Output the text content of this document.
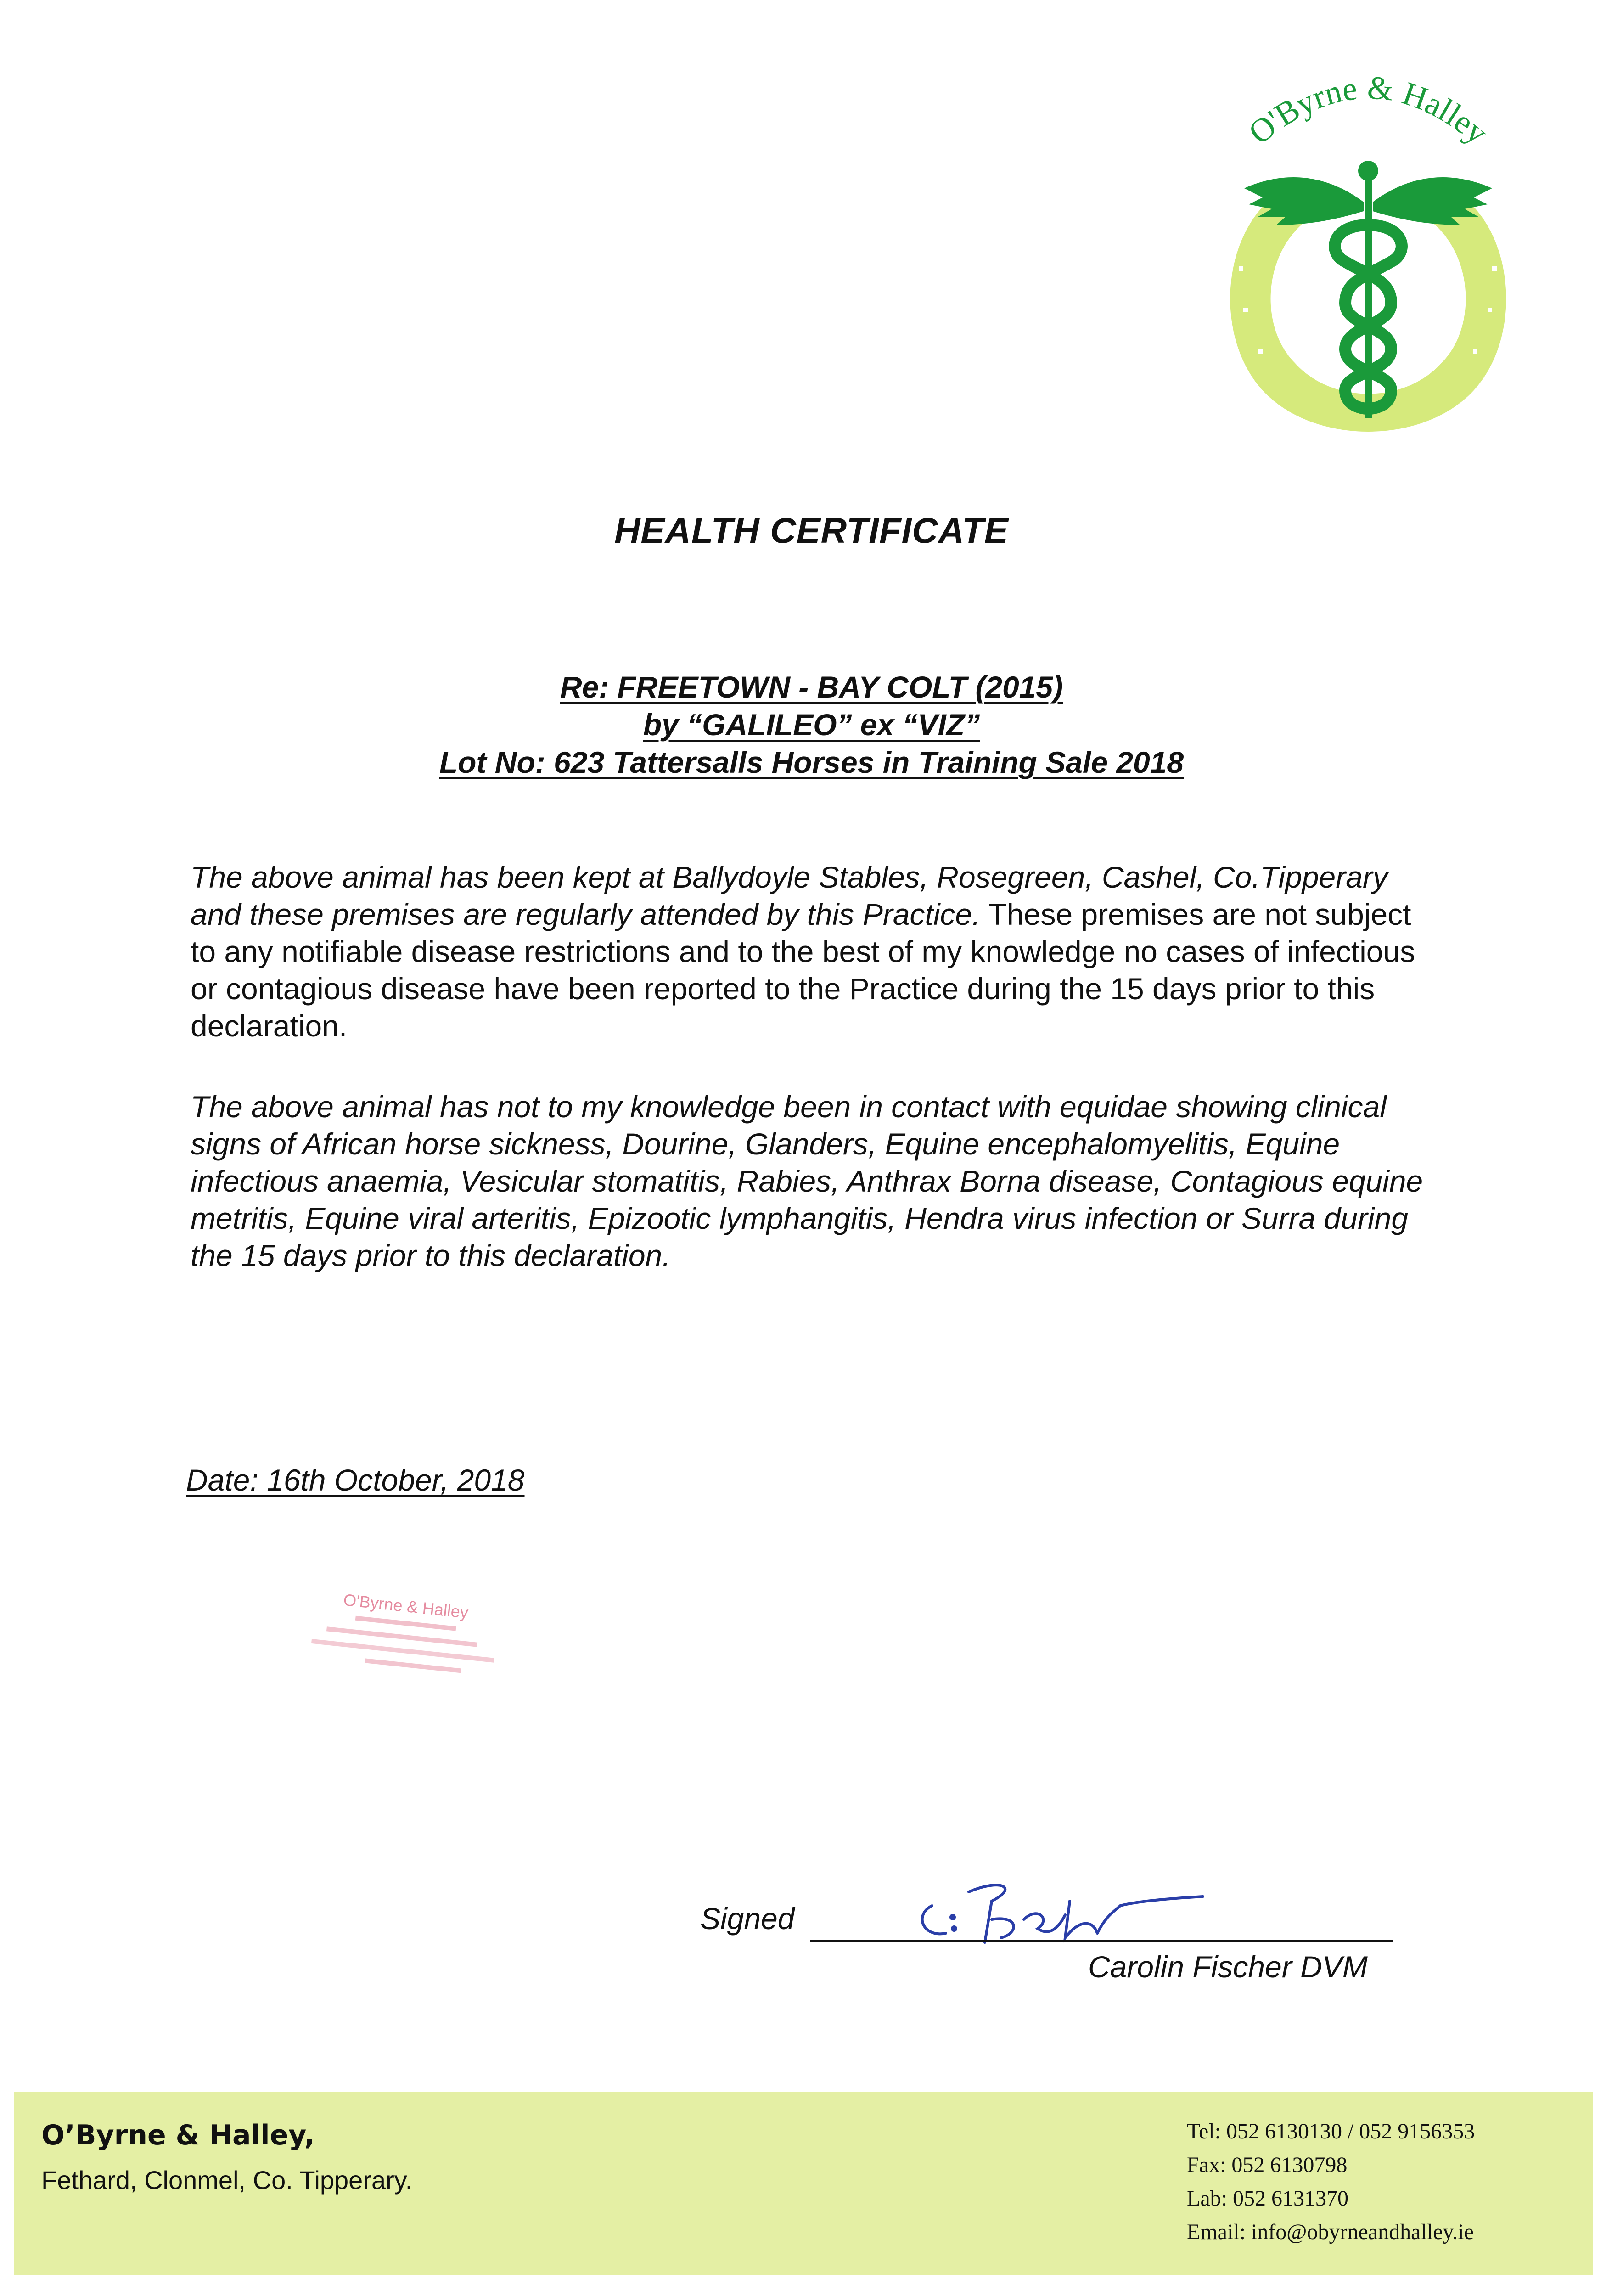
O'Byrne & Halley
HEALTH CERTIFICATE
Re: FREETOWN - BAY COLT (2015)
by “GALILEO” ex “VIZ”
Lot No: 623 Tattersalls Horses in Training Sale 2018

The above animal has been kept at Ballydoyle Stables, Rosegreen, Cashel, Co.Tipperary and these premises are regularly attended by this Practice. These premises are not subject to any notifiable disease restrictions and to the best of my knowledge no cases of infectious or contagious disease have been reported to the Practice during the 15 days prior to this declaration.

The above animal has not to my knowledge been in contact with equidae showing clinical signs of African horse sickness, Dourine, Glanders, Equine encephalomyelitis, Equine infectious anaemia, Vesicular stomatitis, Rabies, Anthrax Borna disease, Contagious equine metritis, Equine viral arteritis, Epizootic lymphangitis, Hendra virus infection or Surra during the 15 days prior to this declaration.

Date: 16th October, 2018
O'Byrne & Halley
Signed
Carolin Fischer DVM
O’Byrne & Halley,
Fethard, Clonmel, Co. Tipperary.
Tel: 052 6130130 / 052 9156353
Fax: 052 6130798
Lab: 052 6131370
Email: info@obyrneandhalley.ie
